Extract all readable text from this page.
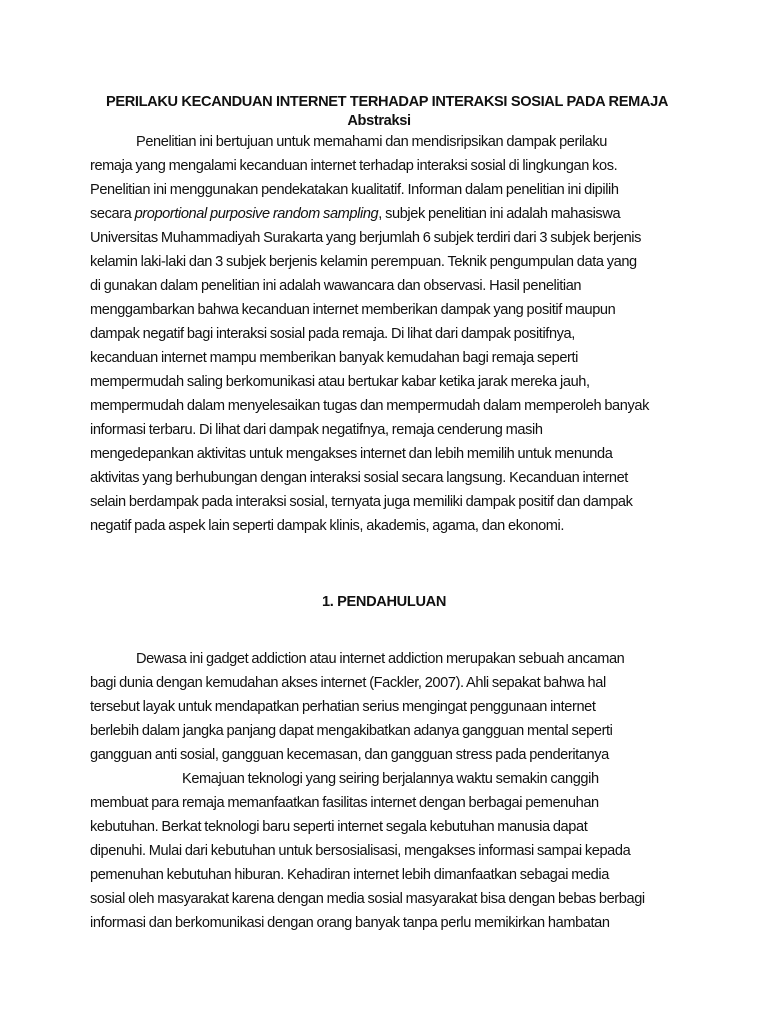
PERILAKU KECANDUAN INTERNET TERHADAP INTERAKSI SOSIAL PADA REMAJA
Abstraksi

Penelitian ini bertujuan untuk memahami dan mendisripsikan dampak perilaku
remaja yang mengalami kecanduan internet terhadap interaksi sosial di lingkungan kos.
Penelitian ini menggunakan pendekatakan kualitatif. Informan dalam penelitian ini dipilih
secara proportional purposive random sampling, subjek penelitian ini adalah mahasiswa
Universitas Muhammadiyah Surakarta yang berjumlah 6 subjek terdiri dari 3 subjek berjenis
kelamin laki-laki dan 3 subjek berjenis kelamin perempuan. Teknik pengumpulan data yang
di gunakan dalam penelitian ini adalah wawancara dan observasi. Hasil penelitian
menggambarkan bahwa kecanduan internet memberikan dampak yang positif maupun
dampak negatif bagi interaksi sosial pada remaja. Di lihat dari dampak positifnya,
kecanduan internet mampu memberikan banyak kemudahan bagi remaja seperti
mempermudah saling berkomunikasi atau bertukar kabar ketika jarak mereka jauh,
mempermudah dalam menyelesaikan tugas dan mempermudah dalam memperoleh banyak
informasi terbaru. Di lihat dari dampak negatifnya, remaja cenderung masih
mengedepankan aktivitas untuk mengakses internet dan lebih memilih untuk menunda
aktivitas yang berhubungan dengan interaksi sosial secara langsung. Kecanduan internet
selain berdampak pada interaksi sosial, ternyata juga memiliki dampak positif dan dampak
negatif pada aspek lain seperti dampak klinis, akademis, agama, dan ekonomi.

1. PENDAHULUAN

Dewasa ini gadget addiction atau internet addiction merupakan sebuah ancaman
bagi dunia dengan kemudahan akses internet (Fackler, 2007). Ahli sepakat bahwa hal
tersebut layak untuk mendapatkan perhatian serius mengingat penggunaan internet
berlebih dalam jangka panjang dapat mengakibatkan adanya gangguan mental seperti
gangguan anti sosial, gangguan kecemasan, dan gangguan stress pada penderitanya
Kemajuan teknologi yang seiring berjalannya waktu semakin canggih
membuat para remaja memanfaatkan fasilitas internet dengan berbagai pemenuhan
kebutuhan. Berkat teknologi baru seperti internet segala kebutuhan manusia dapat
dipenuhi. Mulai dari kebutuhan untuk bersosialisasi, mengakses informasi sampai kepada
pemenuhan kebutuhan hiburan. Kehadiran internet lebih dimanfaatkan sebagai media
sosial oleh masyarakat karena dengan media sosial masyarakat bisa dengan bebas berbagi
informasi dan berkomunikasi dengan orang banyak tanpa perlu memikirkan hambatan
